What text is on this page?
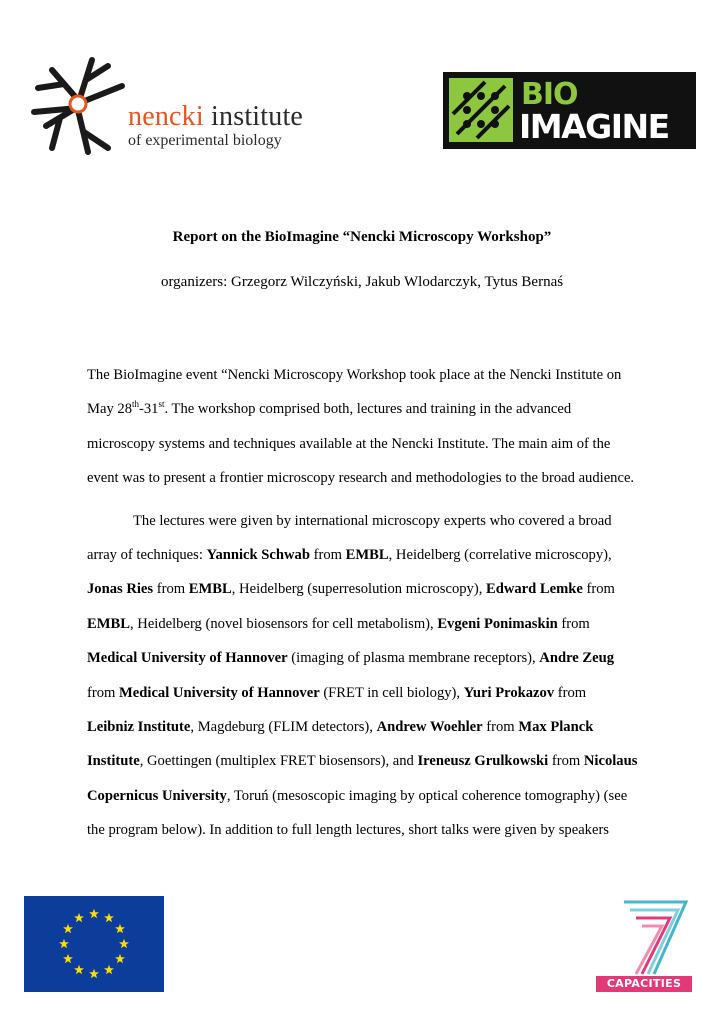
nencki institute
of experimental biology
BIO
IMAGINE
Report on the BioImagine “Nencki Microscopy Workshop”
organizers: Grzegorz Wilczyński, Jakub Wlodarczyk, Tytus Bernaś
The BioImagine event “Nencki Microscopy Workshop took place at the Nencki Institute on
May 28th-31st. The workshop comprised both, lectures and training in the advanced
microscopy systems and techniques available at the Nencki Institute. The main aim of the
event was to present a frontier microscopy research and methodologies to the broad audience.
The lectures were given by international microscopy experts who covered a broad
array of techniques: Yannick Schwab from EMBL, Heidelberg (correlative microscopy),
Jonas Ries from EMBL, Heidelberg (superresolution microscopy), Edward Lemke from
EMBL, Heidelberg (novel biosensors for cell metabolism), Evgeni Ponimaskin from
Medical University of Hannover (imaging of plasma membrane receptors), Andre Zeug
from Medical University of Hannover (FRET in cell biology), Yuri Prokazov from
Leibniz Institute, Magdeburg (FLIM detectors), Andrew Woehler from Max Planck
Institute, Goettingen (multiplex FRET biosensors), and Ireneusz Grulkowski from Nicolaus
Copernicus University, Toruń (mesoscopic imaging by optical coherence tomography) (see
the program below). In addition to full length lectures, short talks were given by speakers
CAPACITIES
